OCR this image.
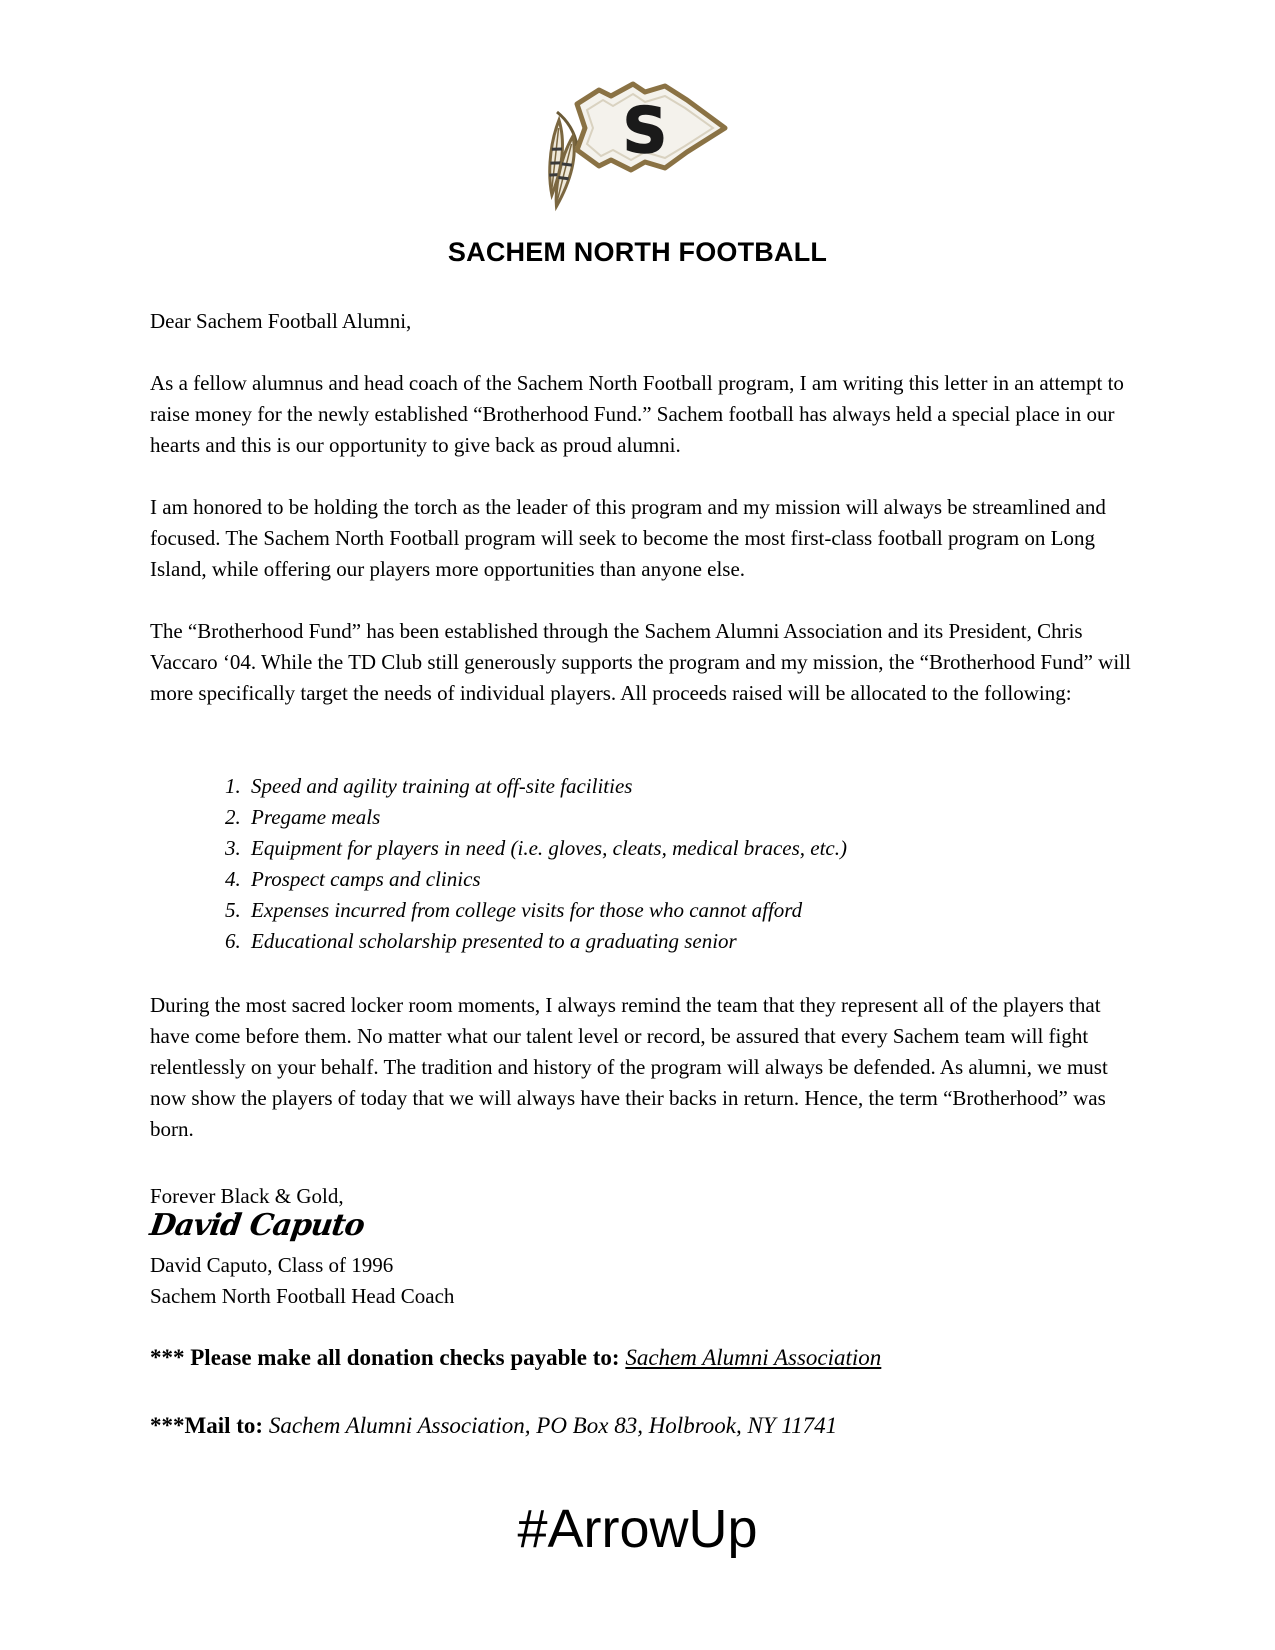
S
SACHEM NORTH FOOTBALL

Dear Sachem Football Alumni,

As a fellow alumnus and head coach of the Sachem North Football program, I am writing this letter in an attempt to raise money for the newly established “Brotherhood Fund.” Sachem football has always held a special place in our hearts and this is our opportunity to give back as proud alumni.

I am honored to be holding the torch as the leader of this program and my mission will always be streamlined and focused. The Sachem North Football program will seek to become the most first-class football program on Long Island, while offering our players more opportunities than anyone else.

The “Brotherhood Fund” has been established through the Sachem Alumni Association and its President, Chris Vaccaro ‘04. While the TD Club still generously supports the program and my mission, the “Brotherhood Fund” will more specifically target the needs of individual players. All proceeds raised will be allocated to the following:

1. Speed and agility training at off-site facilities
2. Pregame meals
3. Equipment for players in need (i.e. gloves, cleats, medical braces, etc.)
4. Prospect camps and clinics
5. Expenses incurred from college visits for those who cannot afford
6. Educational scholarship presented to a graduating senior

During the most sacred locker room moments, I always remind the team that they represent all of the players that have come before them. No matter what our talent level or record, be assured that every Sachem team will fight relentlessly on your behalf. The tradition and history of the program will always be defended. As alumni, we must now show the players of today that we will always have their backs in return. Hence, the term “Brotherhood” was born.

Forever Black & Gold,

David Caputo

David Caputo, Class of 1996

Sachem North Football Head Coach

*** Please make all donation checks payable to: Sachem Alumni Association
***Mail to: Sachem Alumni Association, PO Box 83, Holbrook, NY 11741
#ArrowUp
